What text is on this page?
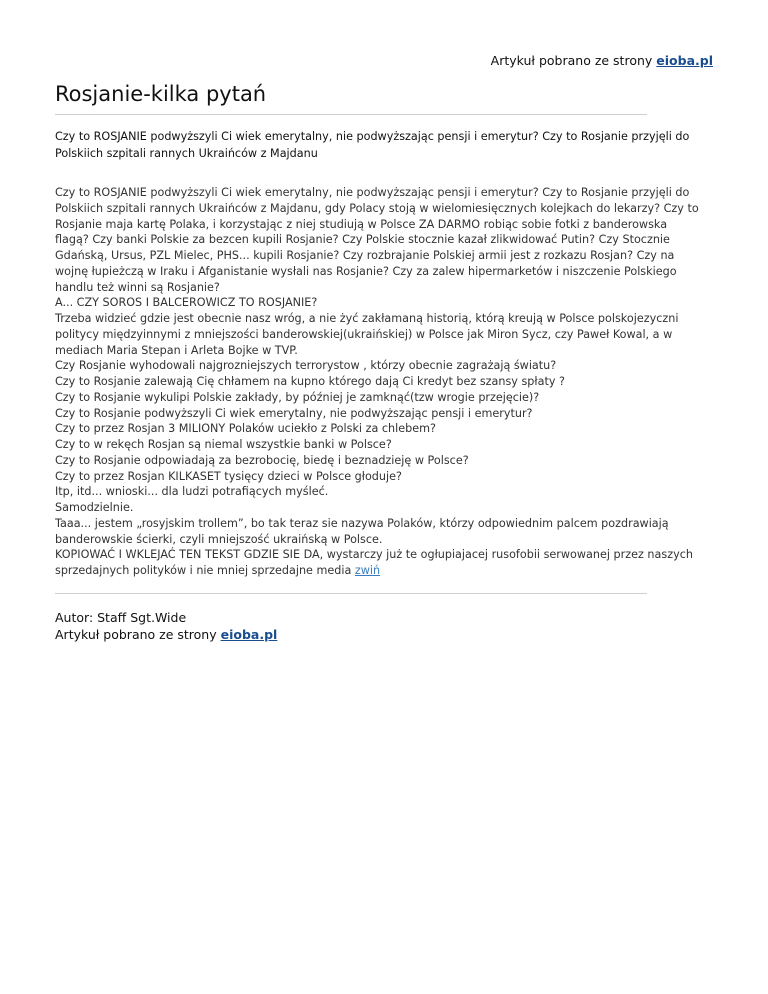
Artykuł pobrano ze strony eioba.pl
Rosjanie-kilka pytań
Czy to ROSJANIE podwyższyli Ci wiek emerytalny, nie podwyższając pensji i emerytur? Czy to Rosjanie przyjęli do
Polskiich szpitali rannych Ukraińców z Majdanu
Czy to ROSJANIE podwyższyli Ci wiek emerytalny, nie podwyższając pensji i emerytur? Czy to Rosjanie przyjęli do
Polskiich szpitali rannych Ukraińców z Majdanu, gdy Polacy stoją w wielomiesięcznych kolejkach do lekarzy? Czy to
Rosjanie maja kartę Polaka, i korzystając z niej studiują w Polsce ZA DARMO robiąc sobie fotki z banderowska
flagą? Czy banki Polskie za bezcen kupili Rosjanie? Czy Polskie stocznie kazał zlikwidować Putin? Czy Stocznie
Gdańską, Ursus, PZL Mielec, PHS... kupili Rosjanie? Czy rozbrajanie Polskiej armii jest z rozkazu Rosjan? Czy na
wojnę łupieżczą w Iraku i Afganistanie wysłali nas Rosjanie? Czy za zalew hipermarketów i niszczenie Polskiego
handlu też winni są Rosjanie?
A... CZY SOROS I BALCEROWICZ TO ROSJANIE?
Trzeba widzieć gdzie jest obecnie nasz wróg, a nie żyć zakłamaną historią, którą kreują w Polsce polskojezyczni
politycy międzyinnymi z mniejszości banderowskiej(ukraińskiej) w Polsce jak Miron Sycz, czy Paweł Kowal, a w
mediach Maria Stepan i Arleta Bojke w TVP.
Czy Rosjanie wyhodowali najgrozniejszych terrorystow , którzy obecnie zagrażają światu?
Czy to Rosjanie zalewają Cię chłamem na kupno którego dają Ci kredyt bez szansy spłaty ?
Czy to Rosjanie wykulipi Polskie zakłady, by później je zamknąć(tzw wrogie przejęcie)?
Czy to Rosjanie podwyższyli Ci wiek emerytalny, nie podwyższając pensji i emerytur?
Czy to przez Rosjan 3 MILIONY Polaków uciekło z Polski za chlebem?
Czy to w rekęch Rosjan są niemal wszystkie banki w Polsce?
Czy to Rosjanie odpowiadają za bezrobocię, biedę i beznadzieję w Polsce?
Czy to przez Rosjan KILKASET tysięcy dzieci w Polsce głoduje?
Itp, itd... wnioski... dla ludzi potrafiących myśleć.
Samodzielnie.
Taaa... jestem „rosyjskim trollem”, bo tak teraz sie nazywa Polaków, którzy odpowiednim palcem pozdrawiają
banderowskie ścierki, czyli mniejszość ukraińską w Polsce.
KOPIOWAĆ I WKLEJAĆ TEN TEKST GDZIE SIE DA, wystarczy już te ogłupiajacej rusofobii serwowanej przez naszych
sprzedajnych polityków i nie mniej sprzedajne media zwiń
Autor: Staff Sgt.Wide
Artykuł pobrano ze strony eioba.pl
